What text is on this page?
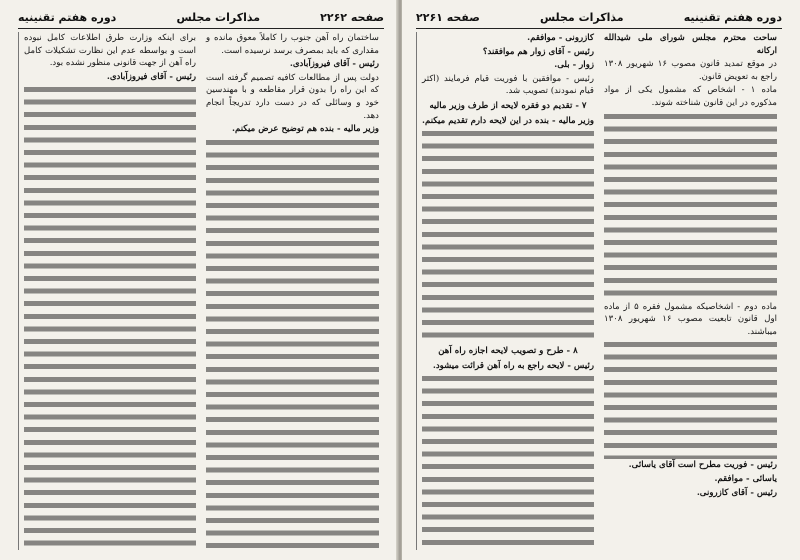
صفحه ۲۲۶۲
مذاکرات مجلس
دوره هفتم تقنينيه

ساختمان راه آهن جنوب را کاملاً معوق مانده و مقداری که باید بمصرف برسد نرسیده است.

رئیس - آقای فیروزآبادی.

دولت پس از مطالعات کافیه تصمیم گرفته است که این راه را بدون قرار مقاطعه و با مهندسین خود و وسائلی که در دست دارد تدریجاً انجام دهد.

وزیر مالیه - بنده هم توضیح عرض میکنم.

برای اینکه وزارت طرق اطلاعات کامل نبوده است و بواسطه عدم این نظارت تشکیلات کامل راه آهن از جهت قانونی منظور نشده بود.

رئیس - آقای فیروزآبادی.

دوره هفتم تقنينيه
مذاکرات مجلس
صفحه ۲۲۶۱

ساحت محترم مجلس شورای ملی شیدالله ارکانه

در موقع تمدید قانون مصوب ۱۶ شهریور ۱۳۰۸ راجع به تعویض قانون.

ماده ۱ - اشخاص که مشمول یکی از مواد مذکوره در این قانون شناخته شوند.

ماده دوم - اشخاصیکه مشمول فقره ۵ از ماده اول قانون تابعیت مصوب ۱۶ شهریور ۱۳۰۸ میباشند.

رئیس - فوریت مطرح است آقای یاسائی.

یاسائی - موافقم.

رئیس - آقای کازرونی.

کازرونی - موافقم.

رئیس - آقای زوار هم موافقند؟

زوار - بلی.

رئیس - موافقین با فوریت قیام فرمایند (اکثر قیام نمودند) تصویب شد.

۷ - تقدیم دو فقره لایحه از طرف وزیر مالیه

وزیر مالیه - بنده در این لایحه دارم تقدیم میکنم.

۸ - طرح و تصویب لایحه اجازه راه آهن

رئیس - لایحه راجع به راه آهن قرائت میشود.
